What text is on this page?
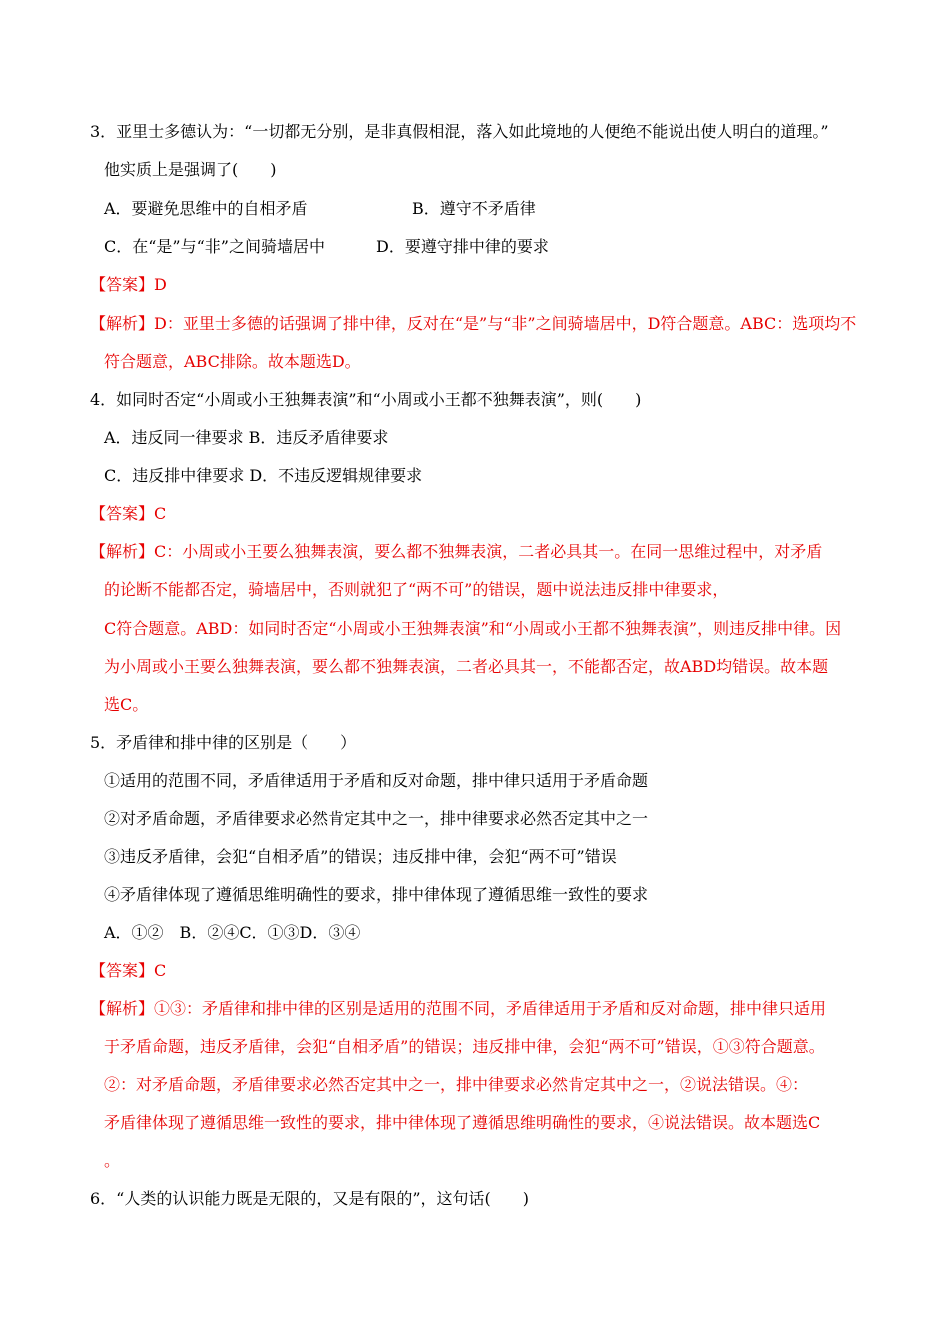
3．亚里士多德认为：“一切都无分别，是非真假相混，落入如此境地的人便绝不能说出使人明白的道理。”
他实质上是强调了(　　)
A．要避免思维中的自相矛盾	B．遵守不矛盾律
C．在“是”与“非”之间骑墙居中	D．要遵守排中律的要求
【答案】D
【解析】D：亚里士多德的话强调了排中律，反对在“是”与“非”之间骑墙居中，D符合题意。ABC：选项均不
符合题意，ABC排除。故本题选D。
4．如同时否定“小周或小王独舞表演”和“小周或小王都不独舞表演”，则(　　)
A．违反同一律要求 B．违反矛盾律要求
C．违反排中律要求 D．不违反逻辑规律要求
【答案】C
【解析】C：小周或小王要么独舞表演，要么都不独舞表演，二者必具其一。在同一思维过程中，对矛盾
的论断不能都否定，骑墙居中，否则就犯了“两不可”的错误，题中说法违反排中律要求，
C符合题意。ABD：如同时否定“小周或小王独舞表演”和“小周或小王都不独舞表演”，则违反排中律。因
为小周或小王要么独舞表演，要么都不独舞表演，二者必具其一，不能都否定，故ABD均错误。故本题
选C。
5．矛盾律和排中律的区别是（　　）
①适用的范围不同，矛盾律适用于矛盾和反对命题，排中律只适用于矛盾命题
②对矛盾命题，矛盾律要求必然肯定其中之一，排中律要求必然否定其中之一
③违反矛盾律，会犯“自相矛盾”的错误；违反排中律，会犯“两不可”错误
④矛盾律体现了遵循思维明确性的要求，排中律体现了遵循思维一致性的要求
A．①②　B．②④C．①③D．③④
【答案】C
【解析】①③：矛盾律和排中律的区别是适用的范围不同，矛盾律适用于矛盾和反对命题，排中律只适用
于矛盾命题，违反矛盾律，会犯“自相矛盾”的错误；违反排中律，会犯“两不可”错误，①③符合题意。
②：对矛盾命题，矛盾律要求必然否定其中之一，排中律要求必然肯定其中之一，②说法错误。④：
矛盾律体现了遵循思维一致性的要求，排中律体现了遵循思维明确性的要求，④说法错误。故本题选C
。
6．“人类的认识能力既是无限的，又是有限的”，这句话(　　)
